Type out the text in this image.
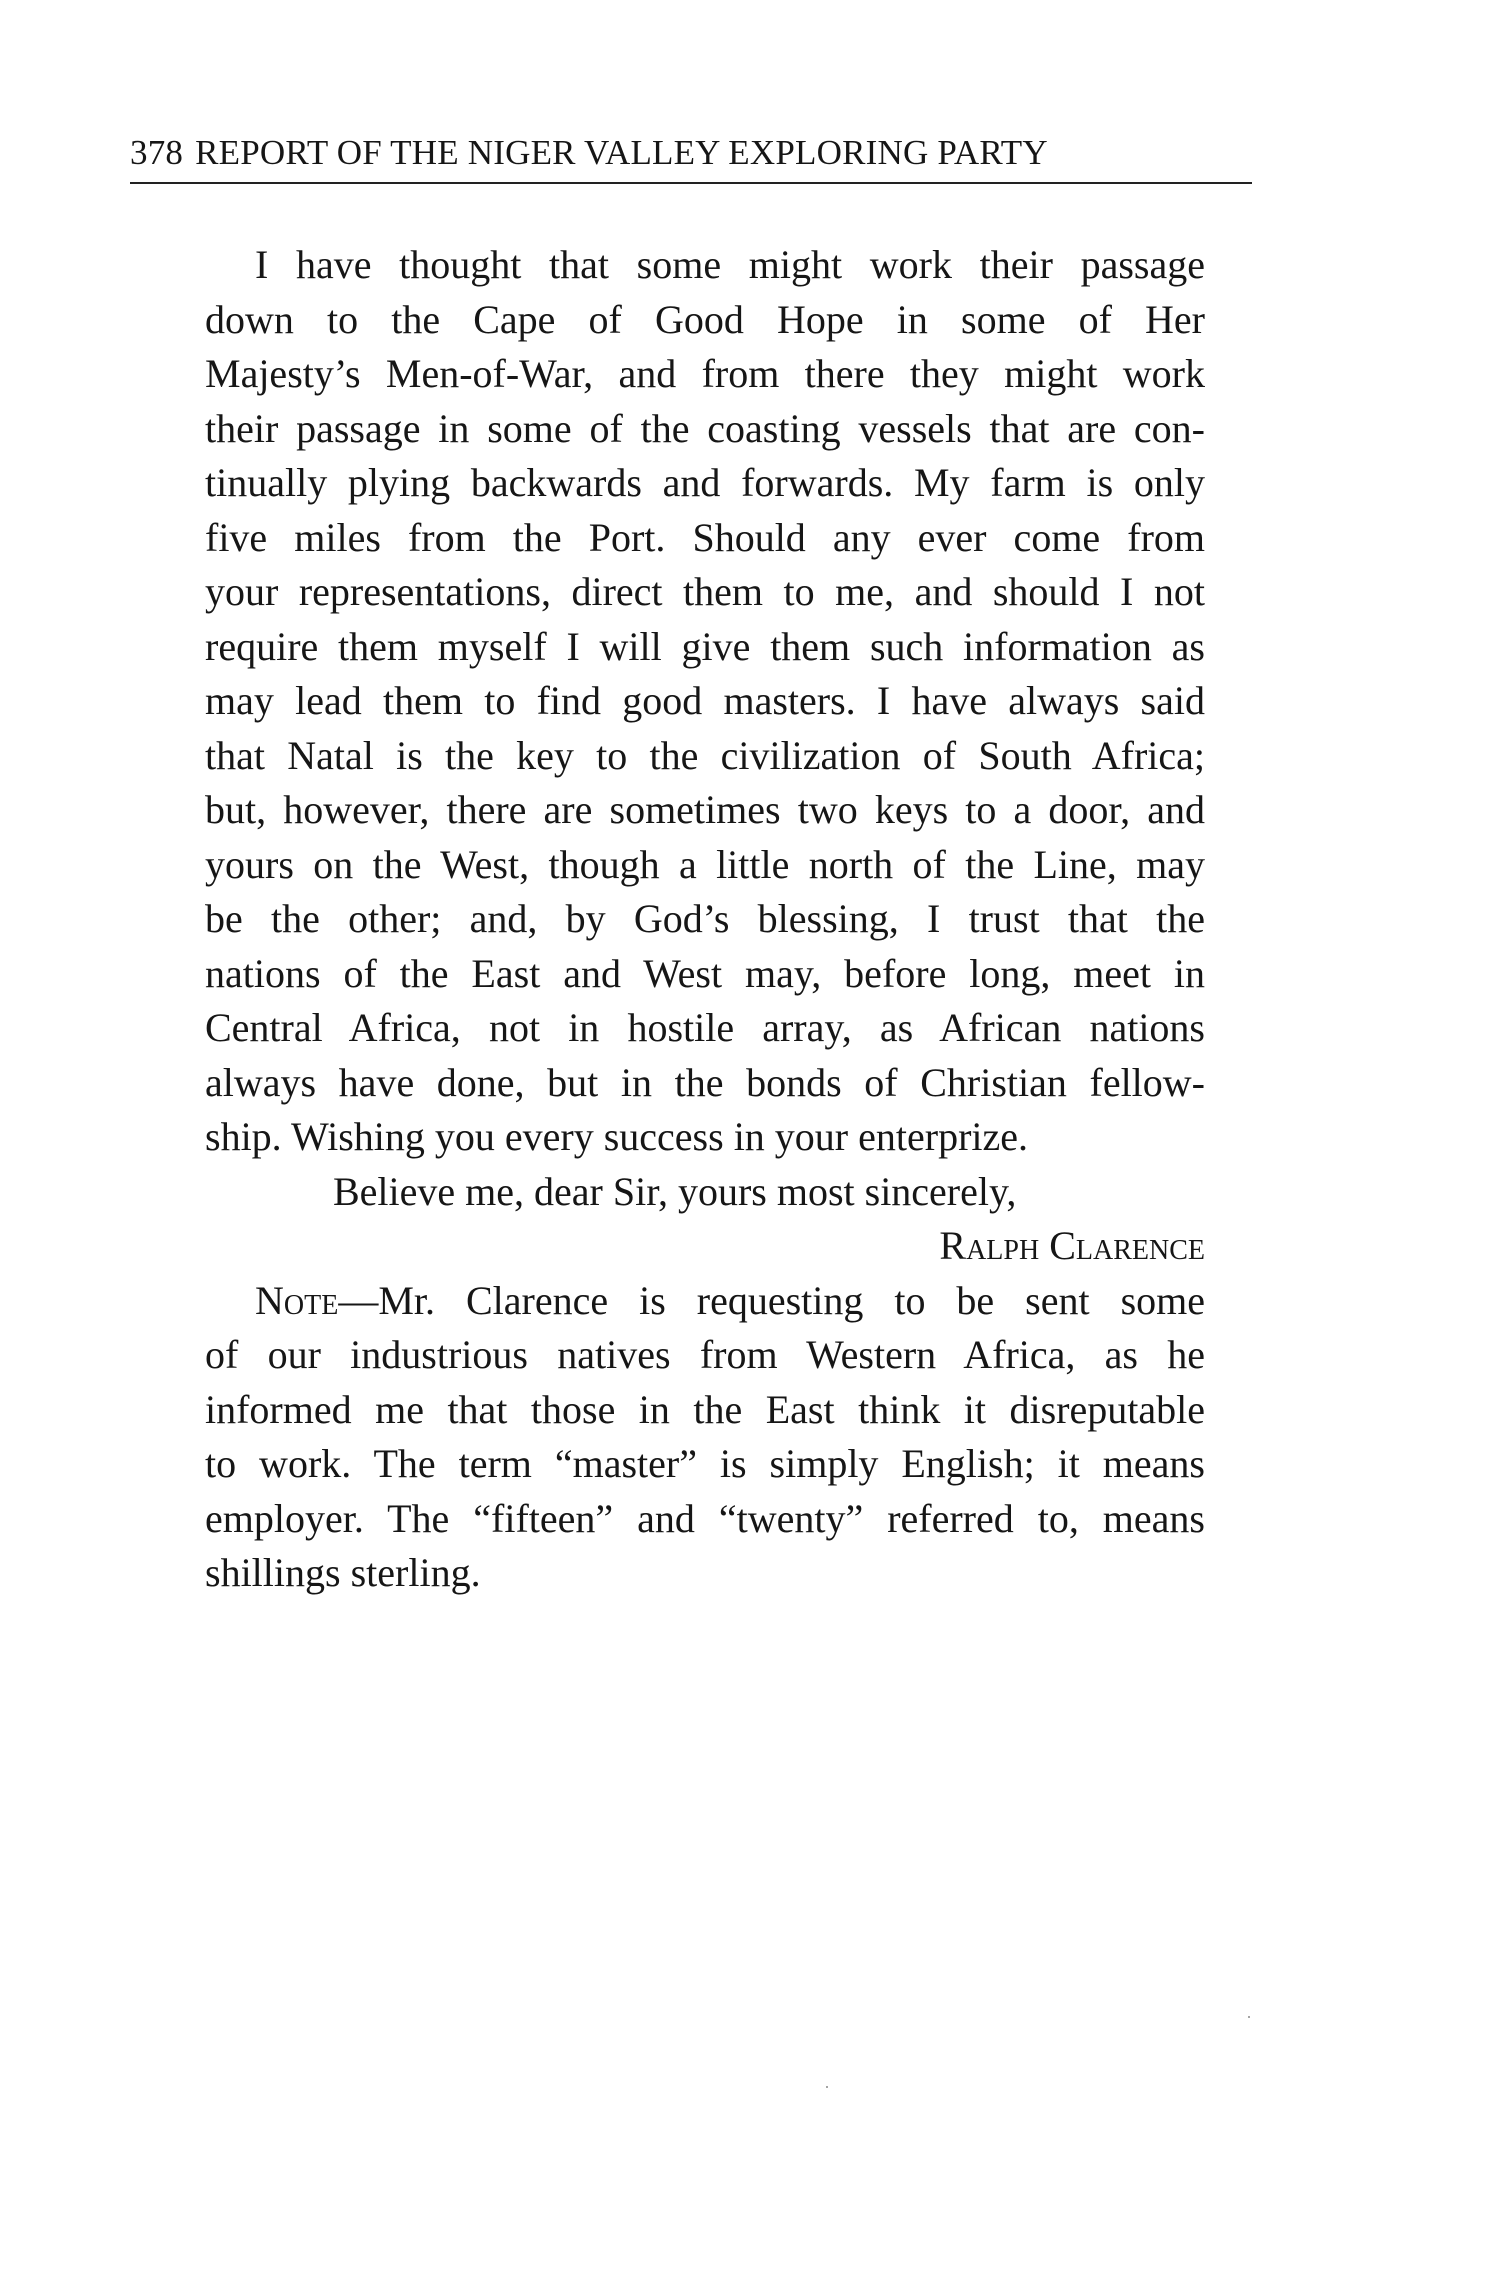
378 REPORT OF THE NIGER VALLEY EXPLORING PARTY
I have thought that some might work their passage
down to the Cape of Good Hope in some of Her
Majesty’s Men-of-War, and from there they might work
their passage in some of the coasting vessels that are con-
tinually plying backwards and forwards. My farm is only
five miles from the Port. Should any ever come from
your representations, direct them to me, and should I not
require them myself I will give them such information as
may lead them to find good masters. I have always said
that Natal is the key to the civilization of South Africa;
but, however, there are sometimes two keys to a door, and
yours on the West, though a little north of the Line, may
be the other; and, by God’s blessing, I trust that the
nations of the East and West may, before long, meet in
Central Africa, not in hostile array, as African nations
always have done, but in the bonds of Christian fellow-
ship. Wishing you every success in your enterprize.
Believe me, dear Sir, yours most sincerely,
Ralph Clarence
Note—Mr. Clarence is requesting to be sent some
of our industrious natives from Western Africa, as he
informed me that those in the East think it disreputable
to work. The term “master” is simply English; it means
employer. The “fifteen” and “twenty” referred to, means
shillings sterling.
